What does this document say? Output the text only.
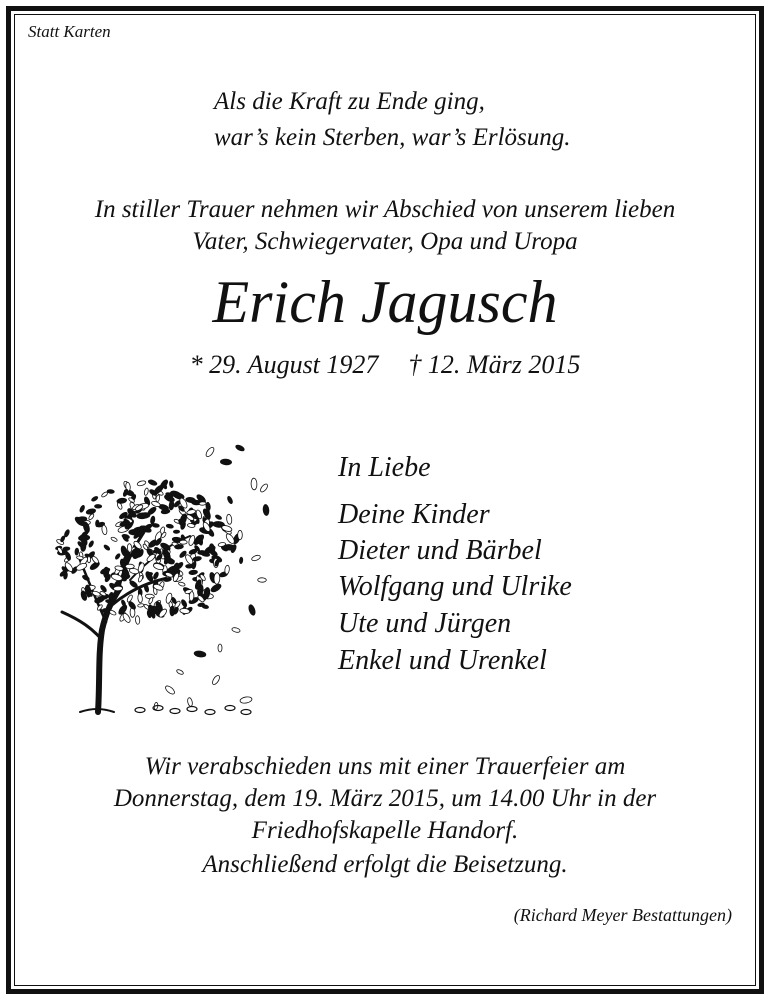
Statt Karten
Als die Kraft zu Ende ging,
war’s kein Sterben, war’s Erlösung.
In stiller Trauer nehmen wir Abschied von unserem lieben
Vater, Schwiegervater, Opa und Uropa
Erich Jagusch
* 29. August 1927 † 12. März 2015
In Liebe
Deine Kinder
Dieter und Bärbel
Wolfgang und Ulrike
Ute und Jürgen
Enkel und Urenkel
Wir verabschieden uns mit einer Trauerfeier am
Donnerstag, dem 19. März 2015, um 14.00 Uhr in der
Friedhofskapelle Handorf.
Anschließend erfolgt die Beisetzung.
(Richard Meyer Bestattungen)
